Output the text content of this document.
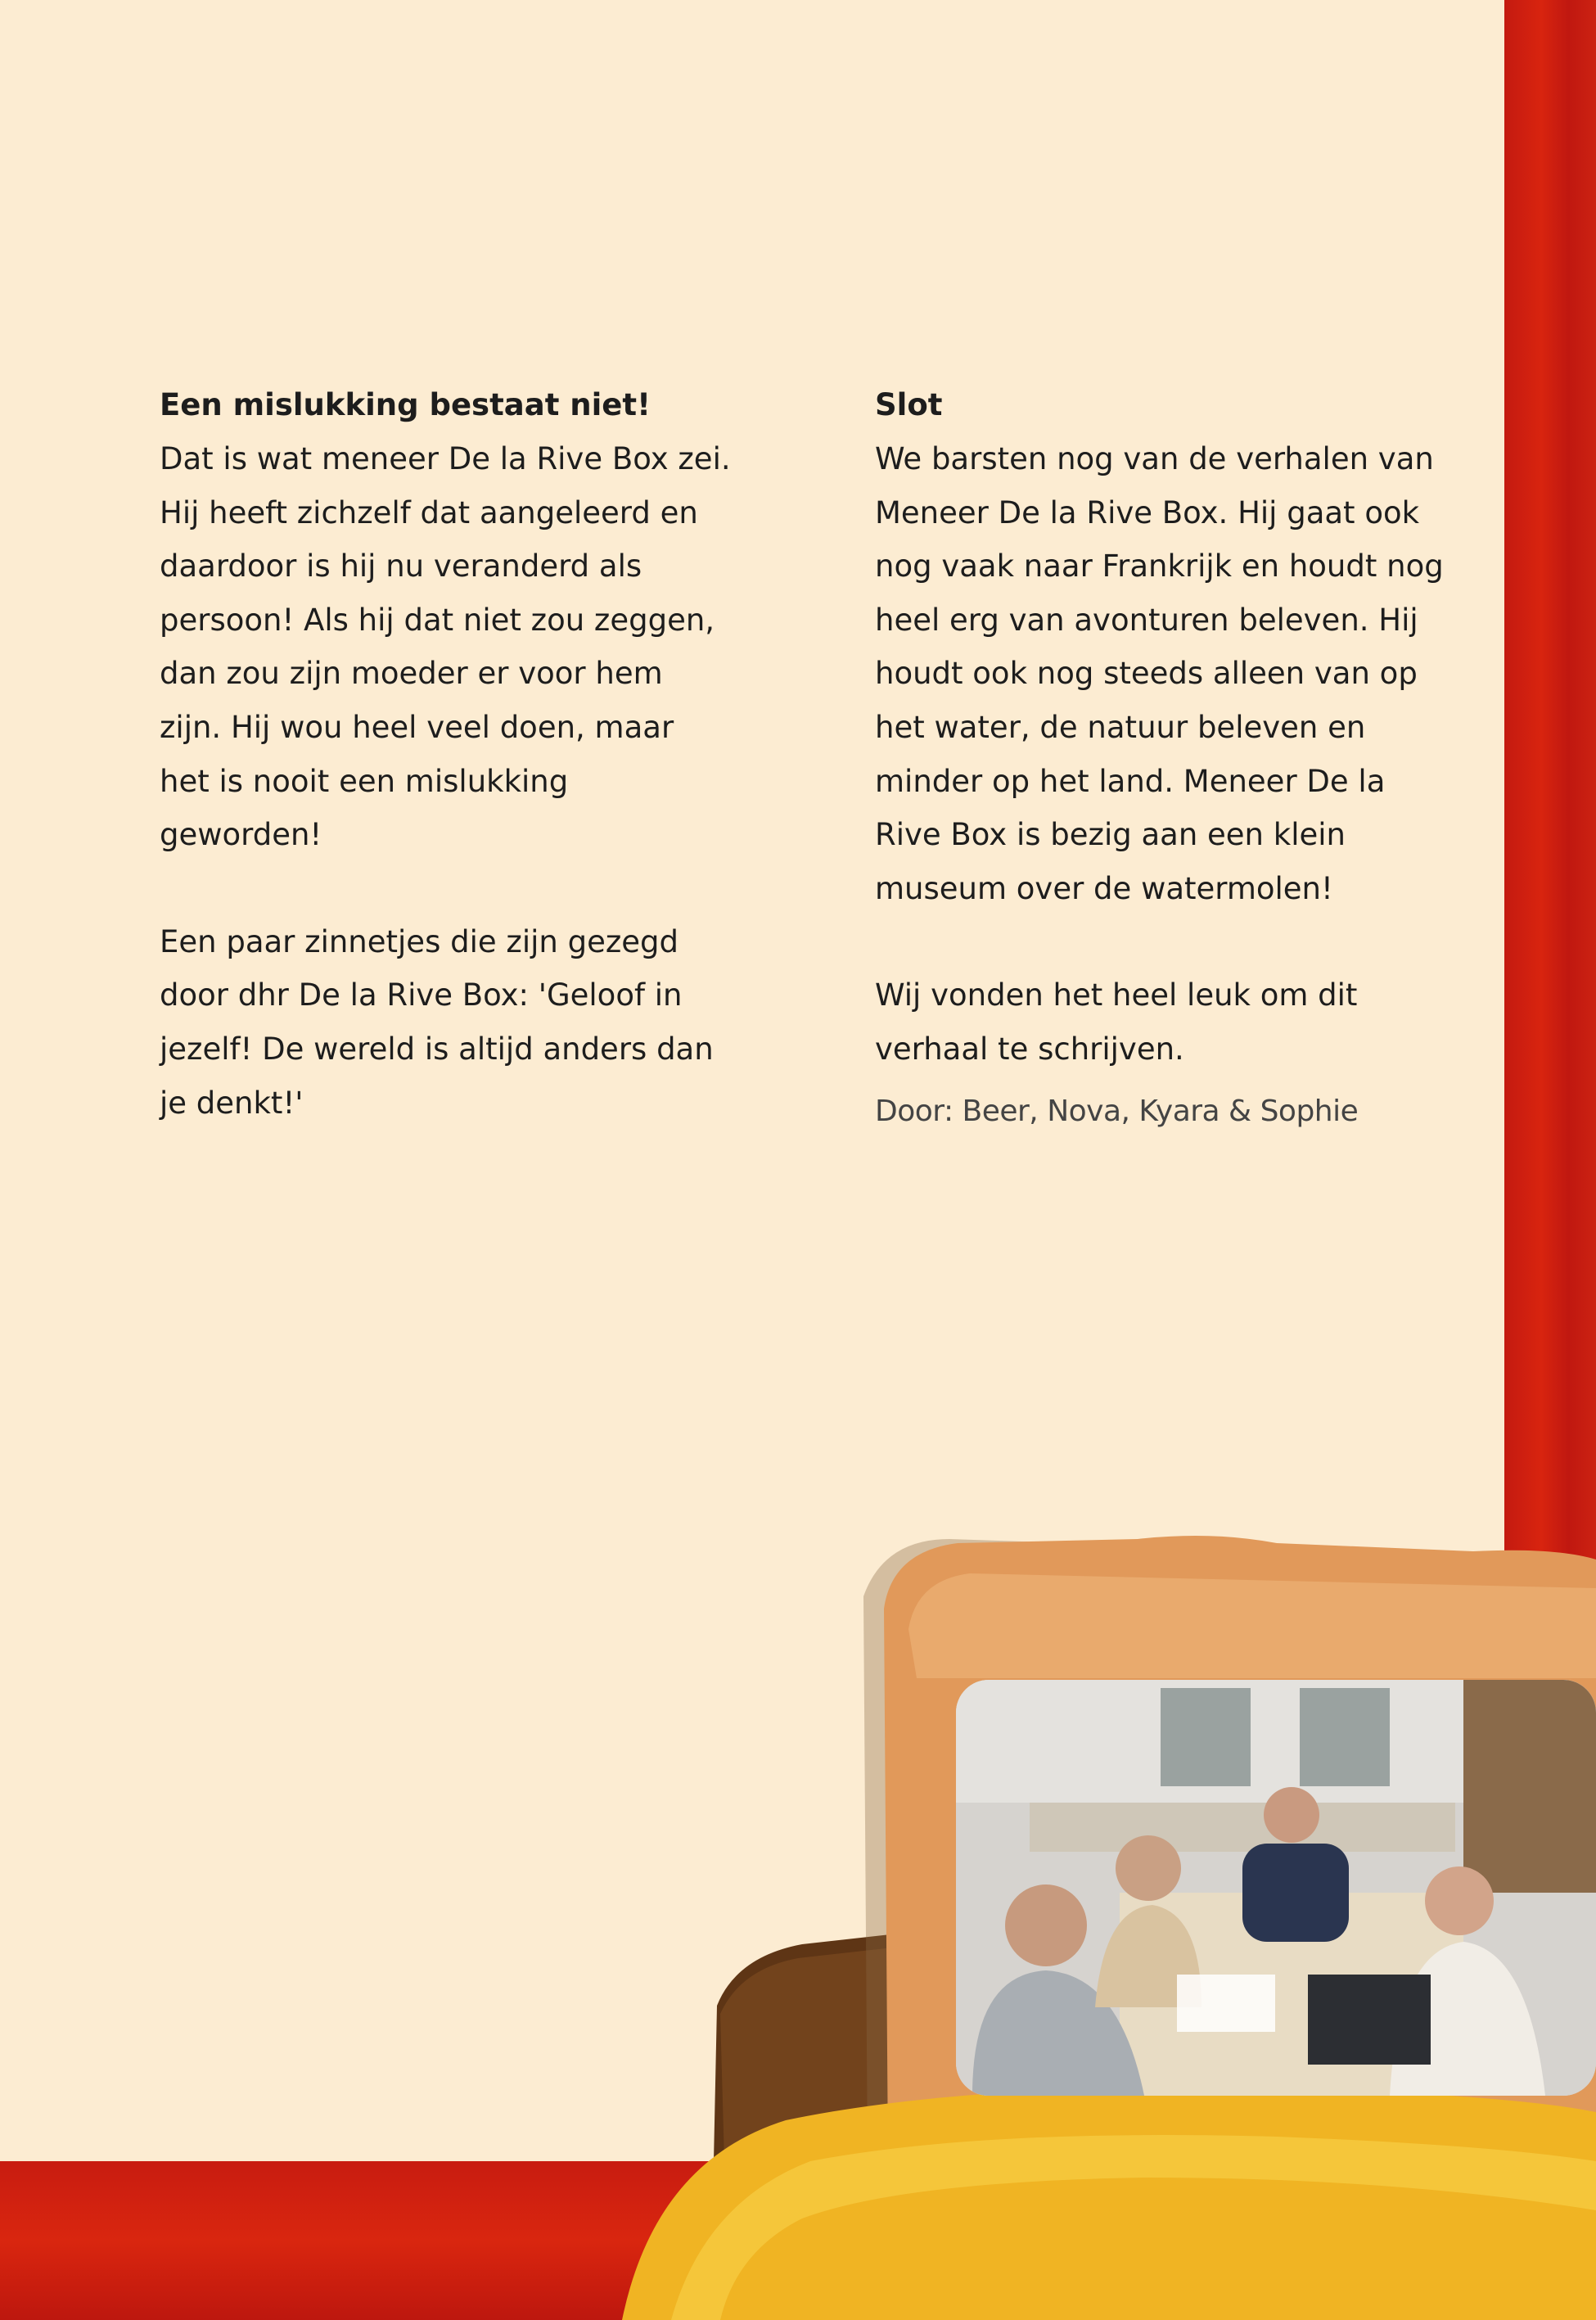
Een mislukking bestaat niet!

Dat is wat meneer De la Rive Box zei. Hij heeft zichzelf dat aangeleerd en daardoor is hij nu veranderd als persoon! Als hij dat niet zou zeggen, dan zou zijn moeder er voor hem zijn. Hij wou heel veel doen, maar het is nooit een mislukking geworden!

Een paar zinnetjes die zijn gezegd door dhr De la Rive Box: 'Geloof in jezelf! De wereld is altijd anders dan je denkt!'

Slot

We barsten nog van de verhalen van Meneer De la Rive Box. Hij gaat ook nog vaak naar Frankrijk en houdt nog heel erg van avonturen beleven. Hij houdt ook nog steeds alleen van op het water, de natuur beleven en minder op het land. Meneer De la Rive Box is bezig aan een klein museum over de watermolen!

Wij vonden het heel leuk om dit verhaal te schrijven.

Door: Beer, Nova, Kyara & Sophie
